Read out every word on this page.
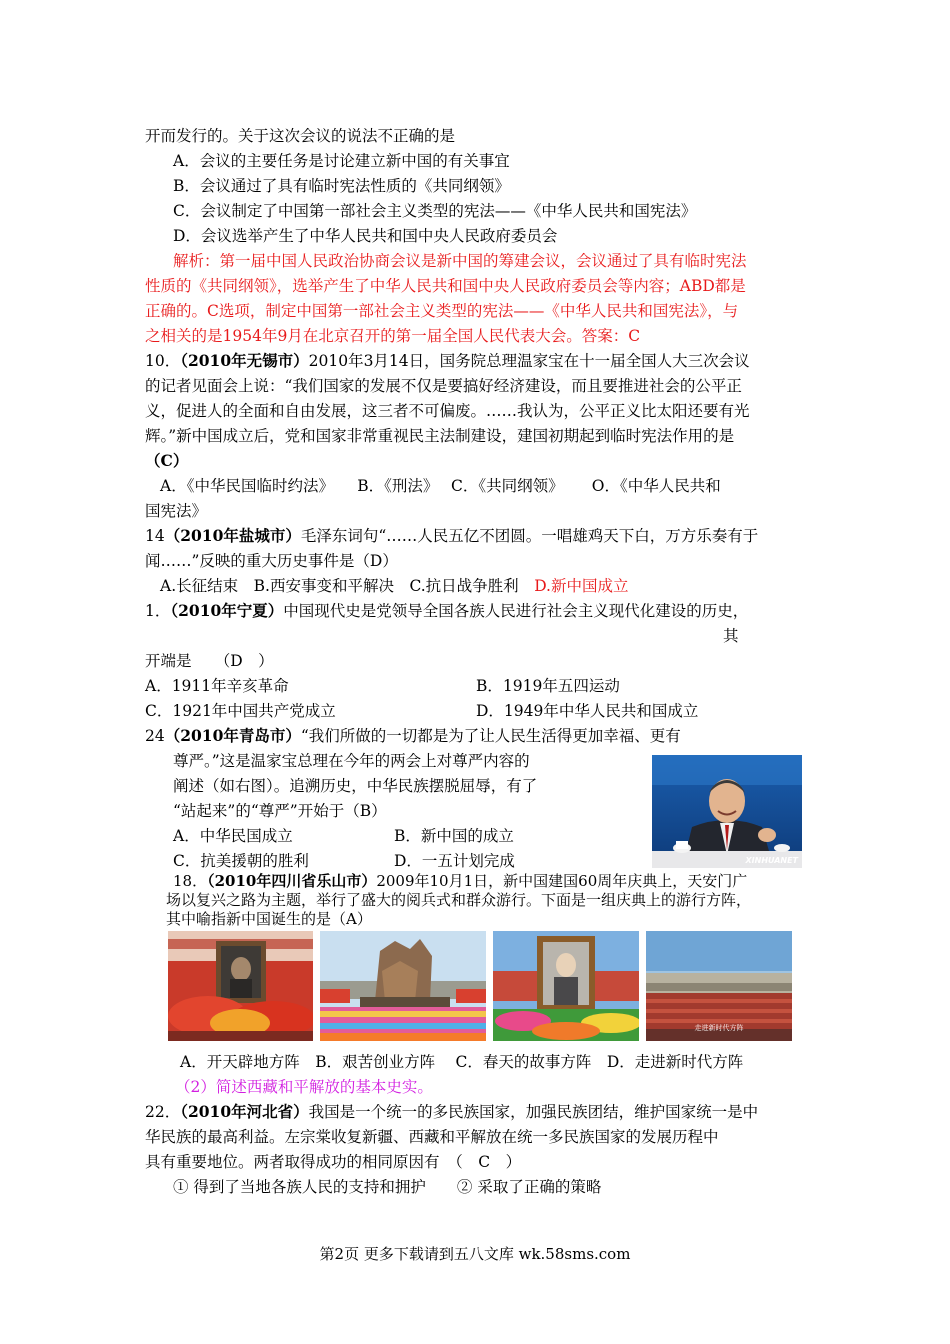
开而发行的。关于这次会议的说法不正确的是
A．会议的主要任务是讨论建立新中国的有关事宜
B．会议通过了具有临时宪法性质的《共同纲领》
C．会议制定了中国第一部社会主义类型的宪法——《中华人民共和国宪法》
D．会议选举产生了中华人民共和国中央人民政府委员会
解析：第一届中国人民政治协商会议是新中国的筹建会议，会议通过了具有临时宪法
性质的《共同纲领》，选举产生了中华人民共和国中央人民政府委员会等内容；ABD都是
正确的。C选项，制定中国第一部社会主义类型的宪法——《中华人民共和国宪法》，与
之相关的是1954年9月在北京召开的第一届全国人民代表大会。答案：C
10．（2010年无锡市）2010年3月14日，国务院总理温家宝在十一届全国人大三次会议
的记者见面会上说：“我们国家的发展不仅是要搞好经济建设，而且要推进社会的公平正
义，促进人的全面和自由发展，这三者不可偏废。……我认为，公平正义比太阳还要有光
辉。”新中国成立后，党和国家非常重视民主法制建设，建国初期起到临时宪法作用的是
（C）
A．《中华民国临时约法》　　B．《刑法》　 C．《共同纲领》　　 O．《中华人民共和
国宪法》
14（2010年盐城市）毛泽东词句“……人民五亿不团圆。一唱雄鸡天下白，万方乐奏有于
闻……”反映的重大历史事件是（D）
A.长征结束　B.西安事变和平解决　C.抗日战争胜利　D.新中国成立
1．（2010年宁夏）中国现代史是党领导全国各族人民进行社会主义现代化建设的历史，
其
开端是　　（D　）
A．1911年辛亥革命	B．1919年五四运动
C．1921年中国共产党成立	D．1949年中华人民共和国成立
24（2010年青岛市）“我们所做的一切都是为了让人民生活得更加幸福、更有
尊严。”这是温家宝总理在今年的两会上对尊严内容的
阐述（如右图）。追溯历史，中华民族摆脱屈辱，有了
“站起来”的“尊严”开始于（B）
A．中华民国成立	B．新中国的成立
C．抗美援朝的胜利	D．一五计划完成	XINHUANET
18．（2010年四川省乐山市）2009年10月1日，新中国建国60周年庆典上，天安门广
场以复兴之路为主题，举行了盛大的阅兵式和群众游行。下面是一组庆典上的游行方阵，
其中喻指新中国诞生的是（A）
走进新时代方阵
A．开天辟地方阵　B．艰苦创业方阵　 C．春天的故事方阵　D．走进新时代方阵
（2）简述西藏和平解放的基本史实。
22．（2010年河北省）我国是一个统一的多民族国家，加强民族团结，维护国家统一是中
华民族的最高利益。左宗棠收复新疆、西藏和平解放在统一多民族国家的发展历程中
具有重要地位。两者取得成功的相同原因有　（　C　）
① 得到了当地各族人民的支持和拥护　　② 采取了正确的策略
第2页 更多下载请到五八文库 wk.58sms.com
